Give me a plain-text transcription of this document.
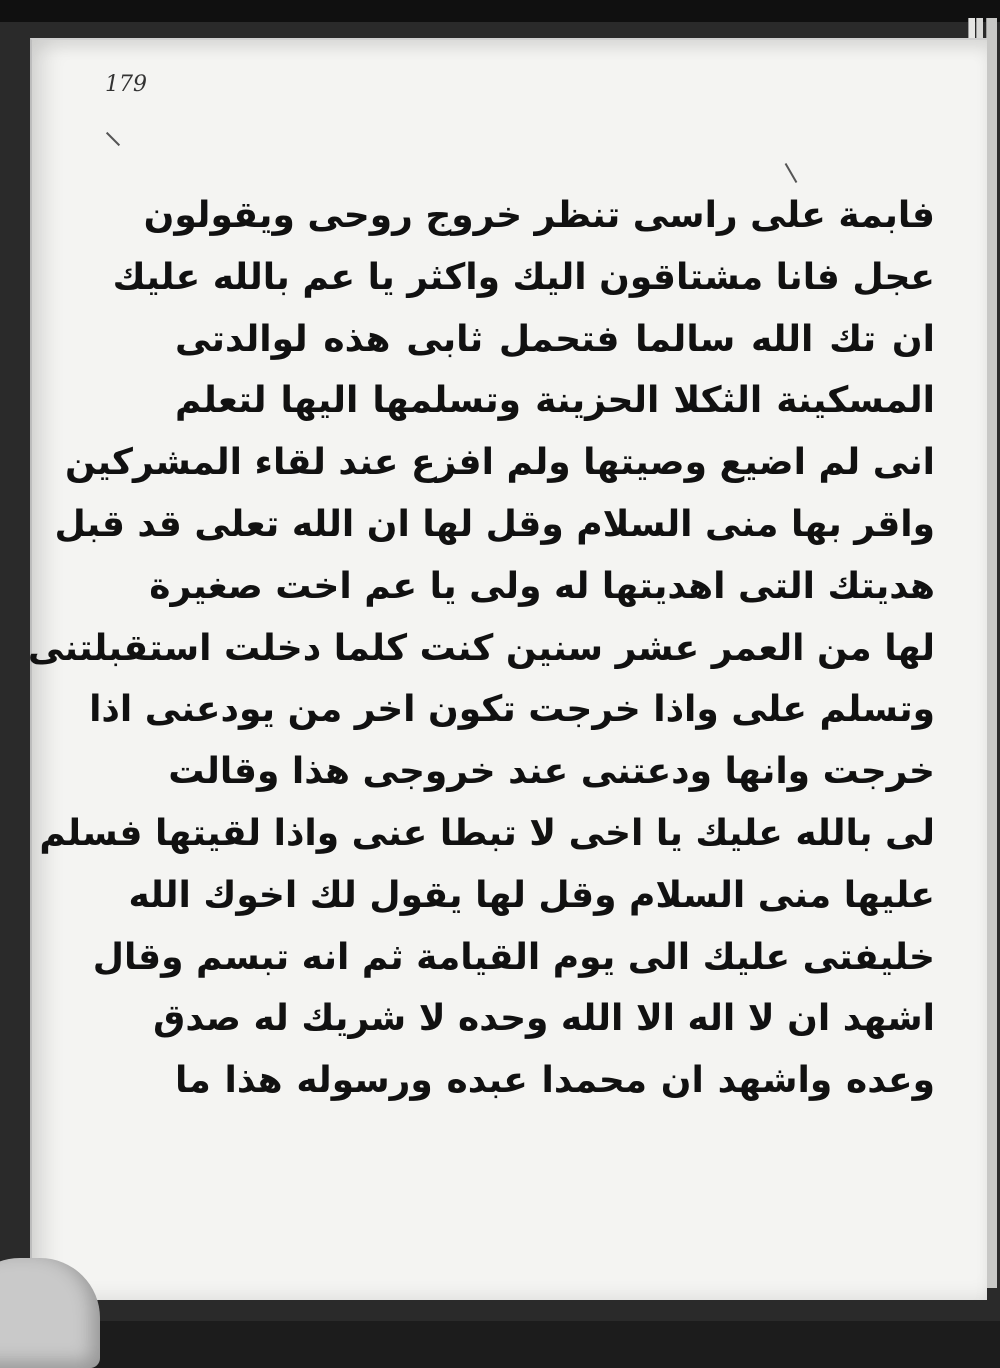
179
فابمة على راسى تنظر خروج روحى ويقولون
عجل فانا مشتاقون اليك واكثر يا عم بالله عليك
ان تك الله سالما فتحمل ثابى هذه لوالدتى
المسكينة الثكلا الحزينة وتسلمها اليها لتعلم
انى لم اضيع وصيتها ولم افزع عند لقاء المشركين
واقر بها منى السلام وقل لها ان الله تعلى قد قبل
هديتك التى اهديتها له ولى يا عم اخت صغيرة
لها من العمر عشر سنين كنت كلما دخلت استقبلتنى
وتسلم على واذا خرجت تكون اخر من يودعنى اذا
خرجت وانها ودعتنى عند خروجى هذا وقالت
لى بالله عليك يا اخى لا تبطا عنى واذا لقيتها فسلم
عليها منى السلام وقل لها يقول لك اخوك الله
خليفتى عليك الى يوم القيامة ثم انه تبسم وقال
اشهد ان لا اله الا الله وحده لا شريك له صدق
وعده واشهد ان محمدا عبده ورسوله هذا ما
